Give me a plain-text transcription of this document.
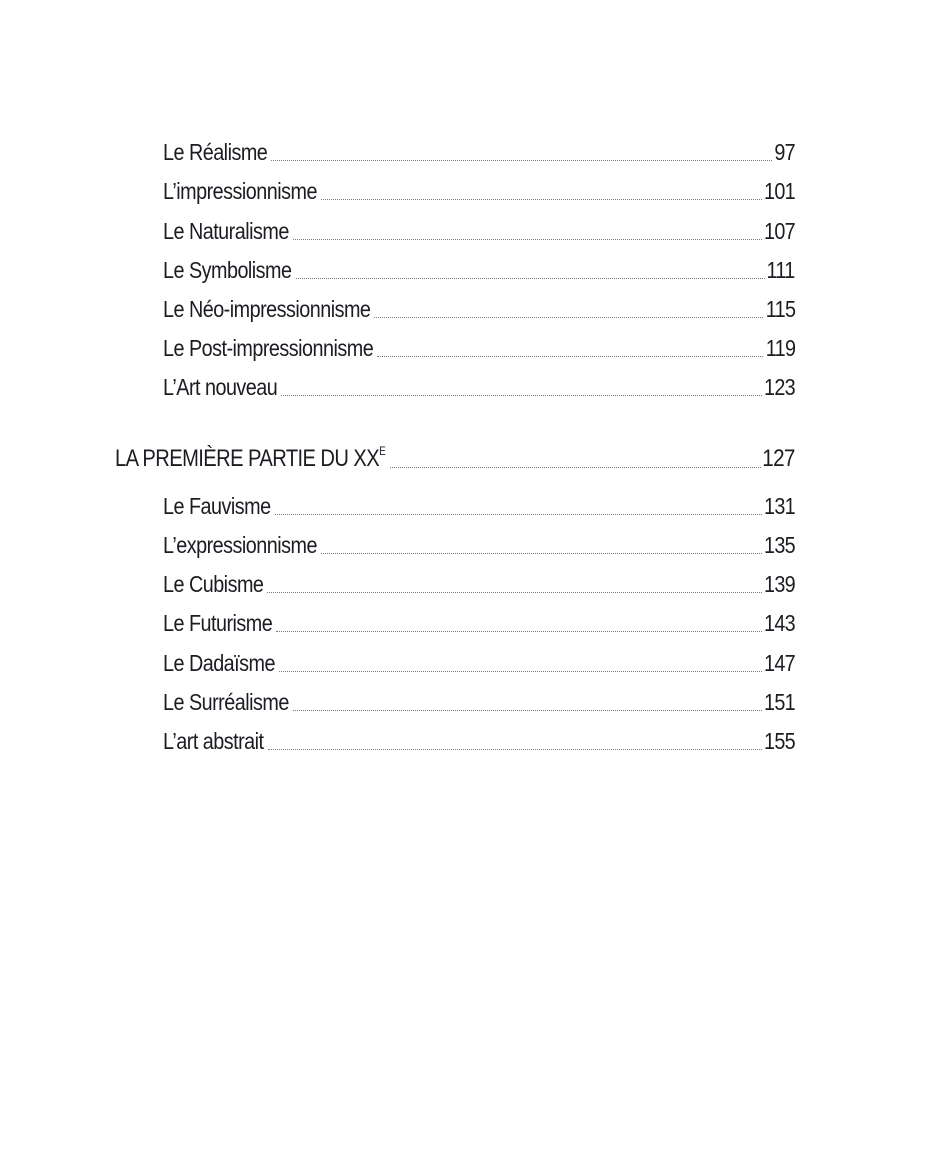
Le Réalisme	97
L’impressionnisme	101
Le Naturalisme	107
Le Symbolisme	111
Le Néo-impressionnisme	115
Le Post-impressionnisme	119
L’Art nouveau	123
LA PREMIÈRE PARTIE DU $XX^E$	127
Le Fauvisme	131
L’expressionnisme	135
Le Cubisme	139
Le Futurisme	143
Le Dadaïsme	147
Le Surréalisme	151
L’art abstrait	155
